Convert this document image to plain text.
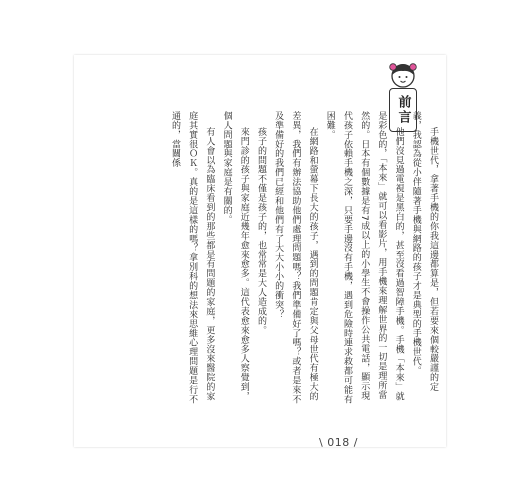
前言

手機世代，拿著手機的你我這邊都算是，但若要來個較嚴謹的定義，我認為從小伴隨著手機與網路的孩子才是典型的手機世代。

他們沒見過電視是黑白的，甚至沒看過智障手機。手機「本來」就是彩色的，「本來」就可以看影片，用手機來理解世界的一切是理所當然的。日本有個數據是有7成以上的小學生不會操作公共電話，顯示現代孩子依賴手機之深，只要手邊沒有手機，遇到危險時連求救都可能有困難。

在網路和螢幕下長大的孩子，遇到的問題肯定與父母世代有極大的差異，我們有辦法協助他們處理問題嗎？我們準備好了嗎？或者是來不及準備好的我們已經和他們有了大大小小的衝突？

孩子的問題不僅是孩子的，也常常是大人造成的。

來門診的孩子與家庭近幾年愈來愈多。這代表愈來愈多人察覺到，個人問題與家庭是有關的。

有人會以為臨床看到的那些都是有問題的家庭，更多沒來醫院的家庭其實很ＯＫ。真的是這樣的嗎？拿別科的想法來思維心理問題是行不通的，當關係

\ 018 /
